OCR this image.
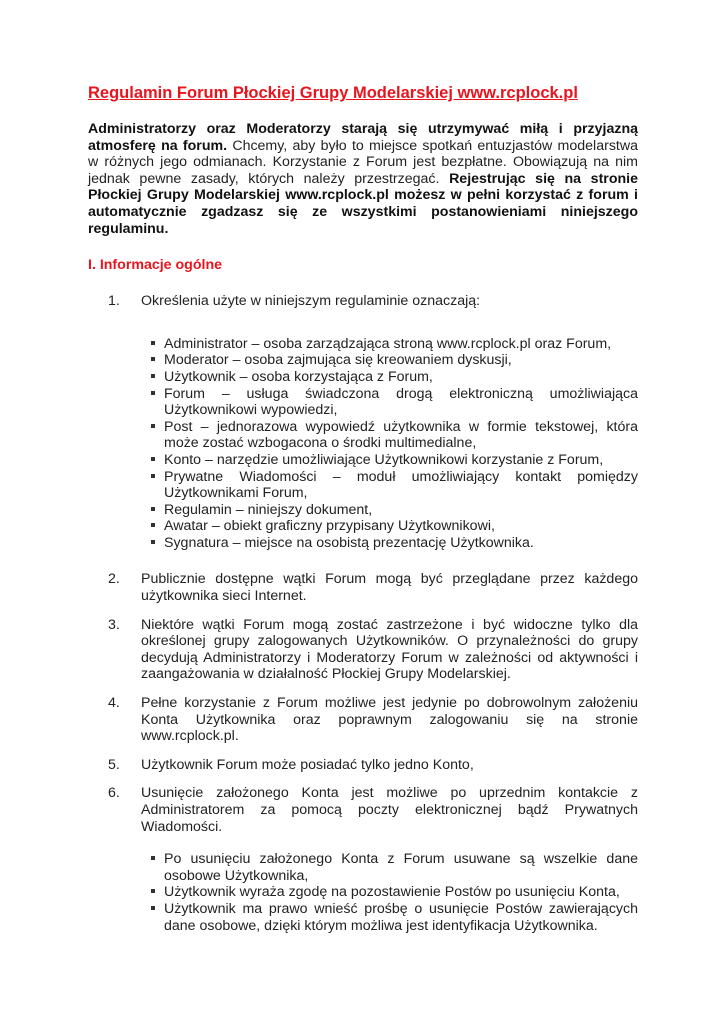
Regulamin Forum Płockiej Grupy Modelarskiej www.rcplock.pl

Administratorzy oraz Moderatorzy starają się utrzymywać miłą i przyjazną atmosferę na forum. Chcemy, aby było to miejsce spotkań entuzjastów modelarstwa w różnych jego odmianach. Korzystanie z Forum jest bezpłatne. Obowiązują na nim jednak pewne zasady, których należy przestrzegać. Rejestrując się na stronie Płockiej Grupy Modelarskiej www.rcplock.pl możesz w pełni korzystać z forum i automatycznie zgadzasz się ze wszystkimi postanowieniami niniejszego regulaminu.

I. Informacje ogólne
1. Określenia użyte w niniejszym regulaminie oznaczają:
Administrator – osoba zarządzająca stroną www.rcplock.pl oraz Forum,
Moderator – osoba zajmująca się kreowaniem dyskusji,
Użytkownik – osoba korzystająca z Forum,
Forum – usługa świadczona drogą elektroniczną umożliwiająca Użytkownikowi wypowiedzi,
Post – jednorazowa wypowiedź użytkownika w formie tekstowej, która może zostać wzbogacona o środki multimedialne,
Konto – narzędzie umożliwiające Użytkownikowi korzystanie z Forum,
Prywatne Wiadomości – moduł umożliwiający kontakt pomiędzy Użytkownikami Forum,
Regulamin – niniejszy dokument,
Awatar – obiekt graficzny przypisany Użytkownikowi,
Sygnatura – miejsce na osobistą prezentację Użytkownika.
2. Publicznie dostępne wątki Forum mogą być przeglądane przez każdego użytkownika sieci Internet.
3. Niektóre wątki Forum mogą zostać zastrzeżone i być widoczne tylko dla określonej grupy zalogowanych Użytkowników. O przynależności do grupy decydują Administratorzy i Moderatorzy Forum w zależności od aktywności i zaangażowania w działalność Płockiej Grupy Modelarskiej.
4. Pełne korzystanie z Forum możliwe jest jedynie po dobrowolnym założeniu Konta Użytkownika oraz poprawnym zalogowaniu się na stronie www.rcplock.pl.
5. Użytkownik Forum może posiadać tylko jedno Konto,
6. Usunięcie założonego Konta jest możliwe po uprzednim kontakcie z Administratorem za pomocą poczty elektronicznej bądź Prywatnych Wiadomości.
Po usunięciu założonego Konta z Forum usuwane są wszelkie dane osobowe Użytkownika,
Użytkownik wyraża zgodę na pozostawienie Postów po usunięciu Konta,
Użytkownik ma prawo wnieść prośbę o usunięcie Postów zawierających dane osobowe, dzięki którym możliwa jest identyfikacja Użytkownika.
